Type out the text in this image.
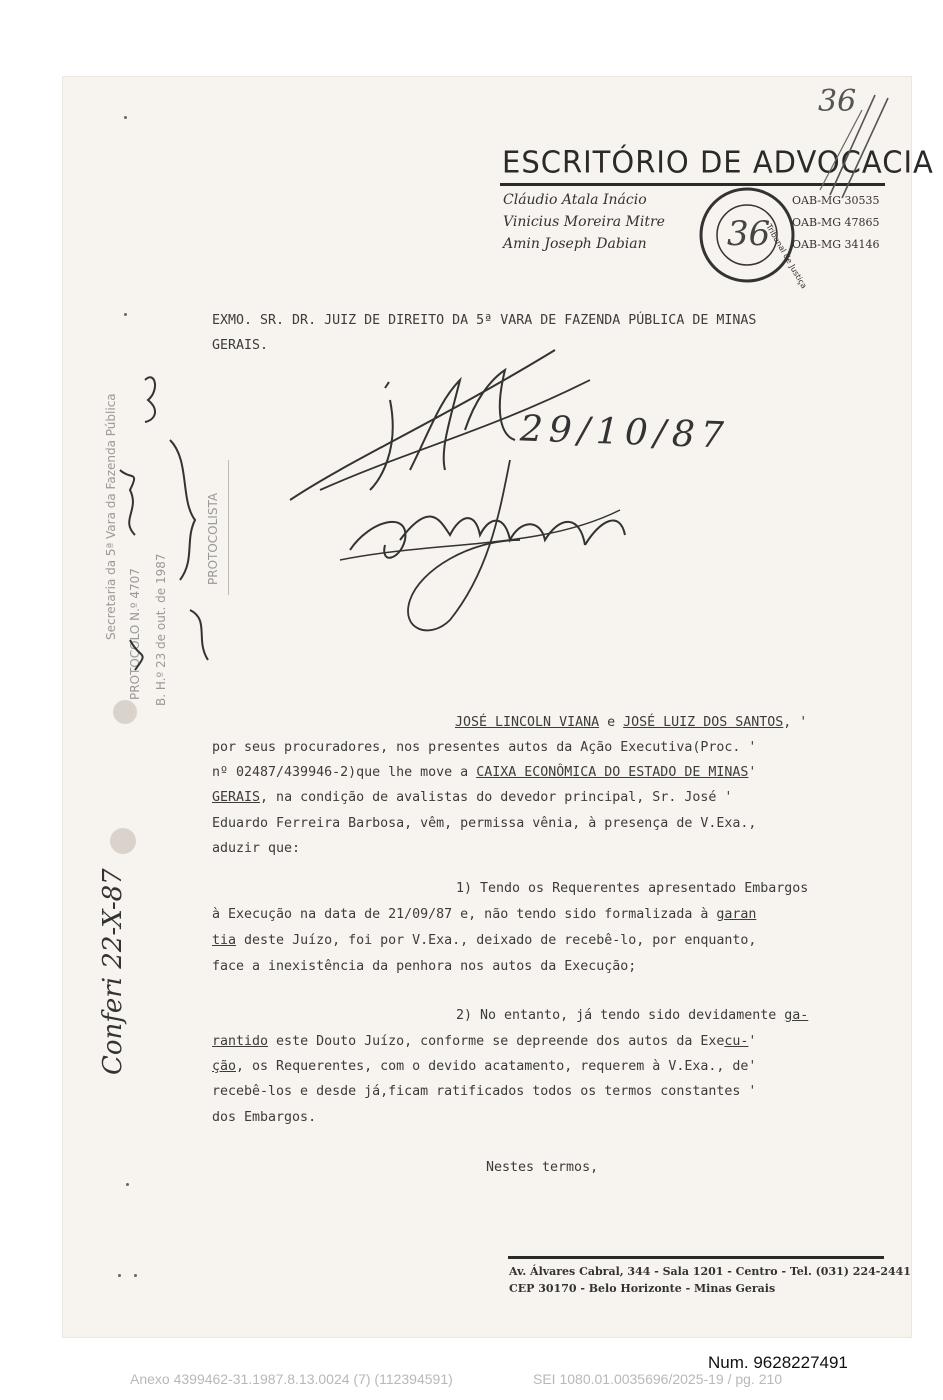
ESCRITÓRIO DE ADVOCACIA
Cláudio Atala Inácio
Vinicius Moreira Mitre
Amin Joseph Dabian
OAB-MG 30535
OAB-MG 47865
OAB-MG 34146
36
Tribunal de Justiça
36
EXMO. SR. DR. JUIZ DE DIREITO DA 5ª VARA DE FAZENDA PÚBLICA DE MINAS
GERAIS.
29/10/87
Secretaria da 5ª Vara da Fazenda Pública PROTOCOLO N.º 4707 B. H.º 23 de out. de 1987
PROTOCOLISTA
Conferi 22-X-87
JOSÉ LINCOLN VIANA e JOSÉ LUIZ DOS SANTOS, '
por seus procuradores, nos presentes autos da Ação Executiva(Proc. '
nº 02487/439946-2)que lhe move a CAIXA ECONÔMICA DO ESTADO DE MINAS'
GERAIS, na condição de avalistas do devedor principal, Sr. José '
Eduardo Ferreira Barbosa, vêm, permissa vênia, à presença de V.Exa.,
aduzir que:
1) Tendo os Requerentes apresentado Embargos
à Execução na data de 21/09/87 e, não tendo sido formalizada à garan
tia deste Juízo, foi por V.Exa., deixado de recebê-lo, por enquanto,
face a inexistência da penhora nos autos da Execução;
2) No entanto, já tendo sido devidamente ga-
rantido este Douto Juízo, conforme se depreende dos autos da Execu-'
ção, os Requerentes, com o devido acatamento, requerem à V.Exa., de'
recebê-los e desde já,ficam ratificados todos os termos constantes '
dos Embargos.
Nestes termos,
Av. Álvares Cabral, 344 - Sala 1201 - Centro - Tel. (031) 224-2441
CEP 30170 - Belo Horizonte - Minas Gerais
Num. 9628227491
Anexo 4399462-31.1987.8.13.0024 (7) (112394591)	SEI 1080.01.0035696/2025-19 / pg. 210
